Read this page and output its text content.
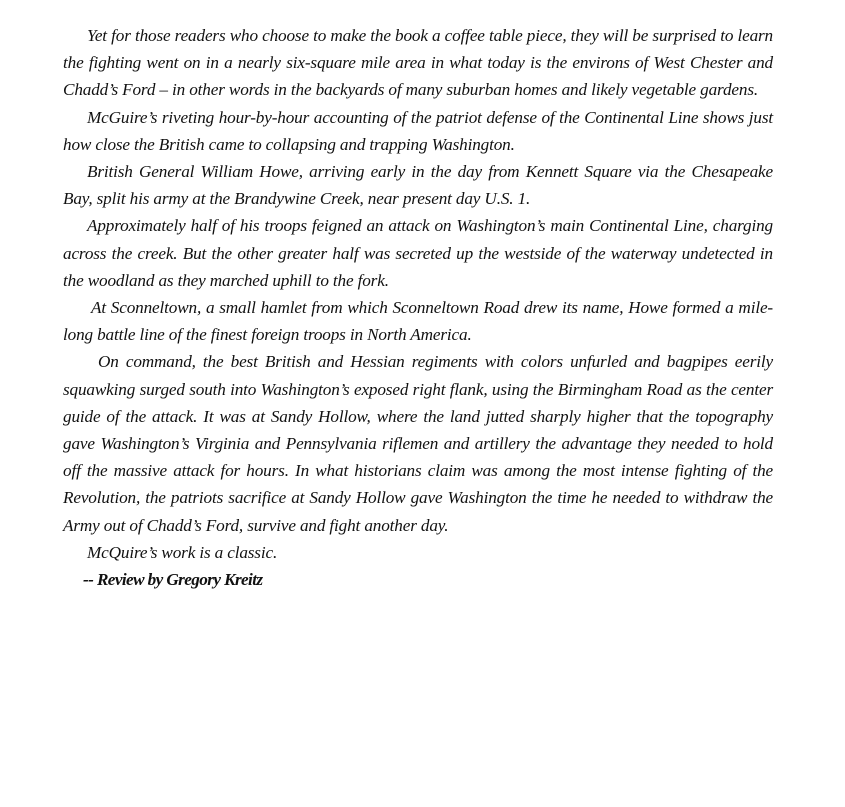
Yet for those readers who choose to make the book a coffee table piece, they will be surprised to learn the fighting went on in a nearly six-square mile area in what today is the environs of West Chester and Chadd’s Ford – in other words in the backyards of many suburban homes and likely vegetable gardens.

McGuire’s riveting hour-by-hour accounting of the patriot defense of the Continental Line shows just how close the British came to collapsing and trapping Washington.

British General William Howe, arriving early in the day from Kennett Square via the Chesapeake Bay, split his army at the Brandywine Creek, near present day U.S. 1.

Approximately half of his troops feigned an attack on Washington’s main Continental Line, charging across the creek. But the other greater half was secreted up the westside of the waterway undetected in the woodland as they marched uphill to the fork.

At Sconneltown, a small hamlet from which Sconneltown Road drew its name, Howe formed a mile-long battle line of the finest foreign troops in North America.

On command, the best British and Hessian regiments with colors unfurled and bagpipes eerily squawking surged south into Washington’s exposed right flank, using the Birmingham Road as the center guide of the attack. It was at Sandy Hollow, where the land jutted sharply higher that the topography gave Washington’s Virginia and Pennsylvania riflemen and artillery the advantage they needed to hold off the massive attack for hours. In what historians claim was among the most intense fighting of the Revolution, the patriots sacrifice at Sandy Hollow gave Washington the time he needed to withdraw the Army out of Chadd’s Ford, survive and fight another day.

McQuire’s work is a classic.

-- Review by Gregory Kreitz
